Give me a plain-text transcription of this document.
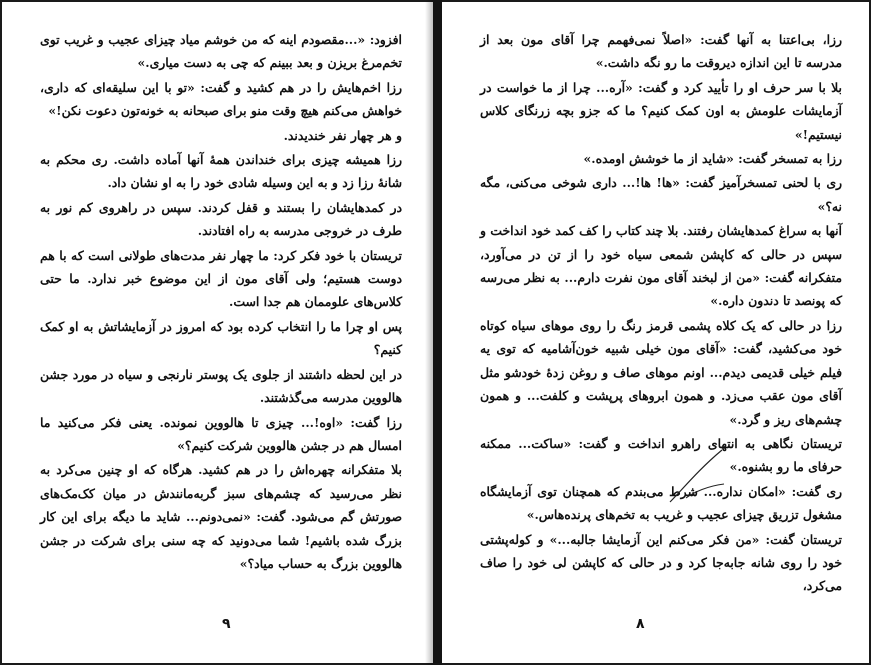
رزا، بی‌اعتنا به آنها گفت: «اصلاً نمی‌فهمم چرا آقای مون بعد از مدرسه تا این اندازه دیروقت ما رو نگه داشت.»

بلا با سر حرف او را تأیید کرد و گفت: «آره... چرا از ما خواست در آزمایشات علومش به اون کمک کنیم؟ ما که جزو بچه زرنگای کلاس نیستیم!»

رزا به تمسخر گفت: «شاید از ما خوشش اومده.»

ری با لحنی تمسخرآمیز گفت: «ها! ها!... داری شوخی می‌کنی، مگه نه؟»

آنها به سراغ کمدهایشان رفتند. بلا چند کتاب را کف کمد خود انداخت و سپس در حالی که کاپشن شمعی سیاه خود را از تن در می‌آورد، متفکرانه گفت: «من از لبخند آقای مون نفرت دارم... به نظر می‌رسه که پونصد تا دندون داره.»

رزا در حالی که یک کلاه پشمی قرمز رنگ را روی موهای سیاه کوتاه خود می‌کشید، گفت: «آقای مون خیلی شبیه خون‌آشامیه که توی یه فیلم خیلی قدیمی دیدم... اونم موهای صاف و روغن زدهٔ خودشو مثل آقای مون عقب می‌زد. و همون ابروهای پرپشت و کلفت... و همون چشم‌های ریز و گرد.»

تریستان نگاهی به انتهای راهرو انداخت و گفت: «ساکت... ممکنه حرفای ما رو بشنوه.»

ری گفت: «امکان نداره... شرط می‌بندم که همچنان توی آزمایشگاه مشغول تزریق چیزای عجیب و غریب به تخم‌های پرنده‌هاس.»

تریستان گفت: «من فکر می‌کنم این آزمایشا جالبه...» و کوله‌پشتی خود را روی شانه جابه‌جا کرد و در حالی که کاپشن لی خود را صاف می‌کرد،

افزود: «...مقصودم اینه که من خوشم میاد چیزای عجیب و غریب توی تخم‌مرغ بریزن و بعد ببینم که چی به دست میاری.»

رزا اخم‌هایش را در هم کشید و گفت: «تو با این سلیقه‌ای که داری، خواهش می‌کنم هیچ وقت منو برای صبحانه به خونه‌تون دعوت نکن!»

و هر چهار نفر خندیدند.

رزا همیشه چیزی برای خنداندن همهٔ آنها آماده داشت. ری محکم به شانهٔ رزا زد و به این وسیله شادی خود را به او نشان داد.

در کمدهایشان را بستند و قفل کردند. سپس در راهروی کم نور به طرف در خروجی مدرسه به راه افتادند.

تریستان با خود فکر کرد: ما چهار نفر مدت‌های طولانی است که با هم دوست هستیم؛ ولی آقای مون از این موضوع خبر ندارد. ما حتی کلاس‌های علوممان هم جدا است.

پس او چرا ما را انتخاب کرده بود که امروز در آزمایشاتش به او کمک کنیم؟

در این لحظه داشتند از جلوی یک پوستر نارنجی و سیاه در مورد جشن هالووین مدرسه می‌گذشتند.

رزا گفت: «اوه!... چیزی تا هالووین نمونده. یعنی فکر می‌کنید ما امسال هم در جشن هالووین شرکت کنیم؟»

بلا متفکرانه چهره‌اش را در هم کشید. هرگاه که او چنین می‌کرد به نظر می‌رسید که چشم‌های سبز گربه‌مانندش در میان کک‌مک‌های صورتش گم می‌شود. گفت: «نمی‌دونم... شاید ما دیگه برای این کار بزرگ شده باشیم! شما می‌دونید که چه سنی برای شرکت در جشن هالووین بزرگ به حساب میاد؟»

۸
۹
